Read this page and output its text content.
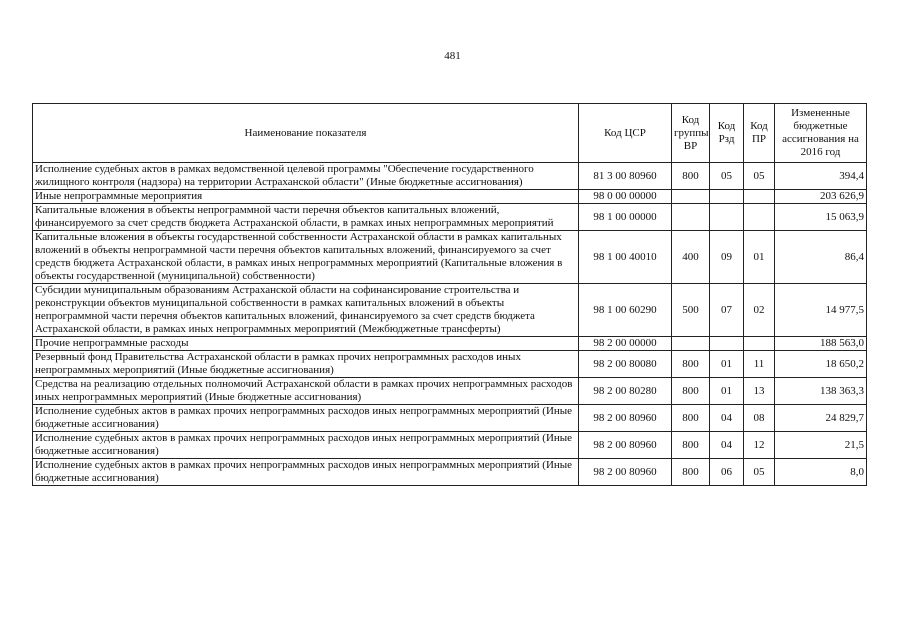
481
Наименование показателя	Код ЦСР	Код группы ВР	Код Рзд	Код ПР	Измененные бюджетные ассигнования на 2016 год
Исполнение судебных актов в рамках ведомственной целевой программы "Обеспечение государственного жилищного контроля (надзора) на территории Астраханской области" (Иные бюджетные ассигнования)	81 3 00 80960	800	05	05	394,4
Иные непрограммные мероприятия	98 0 00 00000				203 626,9
Капитальные вложения в объекты непрограммной части перечня объектов капитальных вложений, финансируемого за счет средств бюджета Астраханской области, в рамках иных непрограммных мероприятий	98 1 00 00000				15 063,9
Капитальные вложения в объекты государственной собственности Астраханской области в рамках капитальных вложений в объекты непрограммной части перечня объектов капитальных вложений, финансируемого за счет средств бюджета Астраханской области, в рамках иных непрограммных мероприятий (Капитальные вложения в объекты государственной (муниципальной) собственности)	98 1 00 40010	400	09	01	86,4
Субсидии муниципальным образованиям Астраханской области на софинансирование строительства и реконструкции объектов муниципальной собственности в рамках капитальных вложений в объекты непрограммной части перечня объектов капитальных вложений, финансируемого за счет средств бюджета Астраханской области, в рамках иных непрограммных мероприятий (Межбюджетные трансферты)	98 1 00 60290	500	07	02	14 977,5
Прочие непрограммные расходы	98 2 00 00000				188 563,0
Резервный фонд Правительства Астраханской области в рамках прочих непрограммных расходов иных непрограммных мероприятий (Иные бюджетные ассигнования)	98 2 00 80080	800	01	11	18 650,2
Средства на реализацию отдельных полномочий Астраханской области в рамках прочих непрограммных расходов иных непрограммных мероприятий (Иные бюджетные ассигнования)	98 2 00 80280	800	01	13	138 363,3
Исполнение судебных актов в рамках прочих непрограммных расходов иных непрограммных мероприятий (Иные бюджетные ассигнования)	98 2 00 80960	800	04	08	24 829,7
Исполнение судебных актов в рамках прочих непрограммных расходов иных непрограммных мероприятий (Иные бюджетные ассигнования)	98 2 00 80960	800	04	12	21,5
Исполнение судебных актов в рамках прочих непрограммных расходов иных непрограммных мероприятий (Иные бюджетные ассигнования)	98 2 00 80960	800	06	05	8,0
